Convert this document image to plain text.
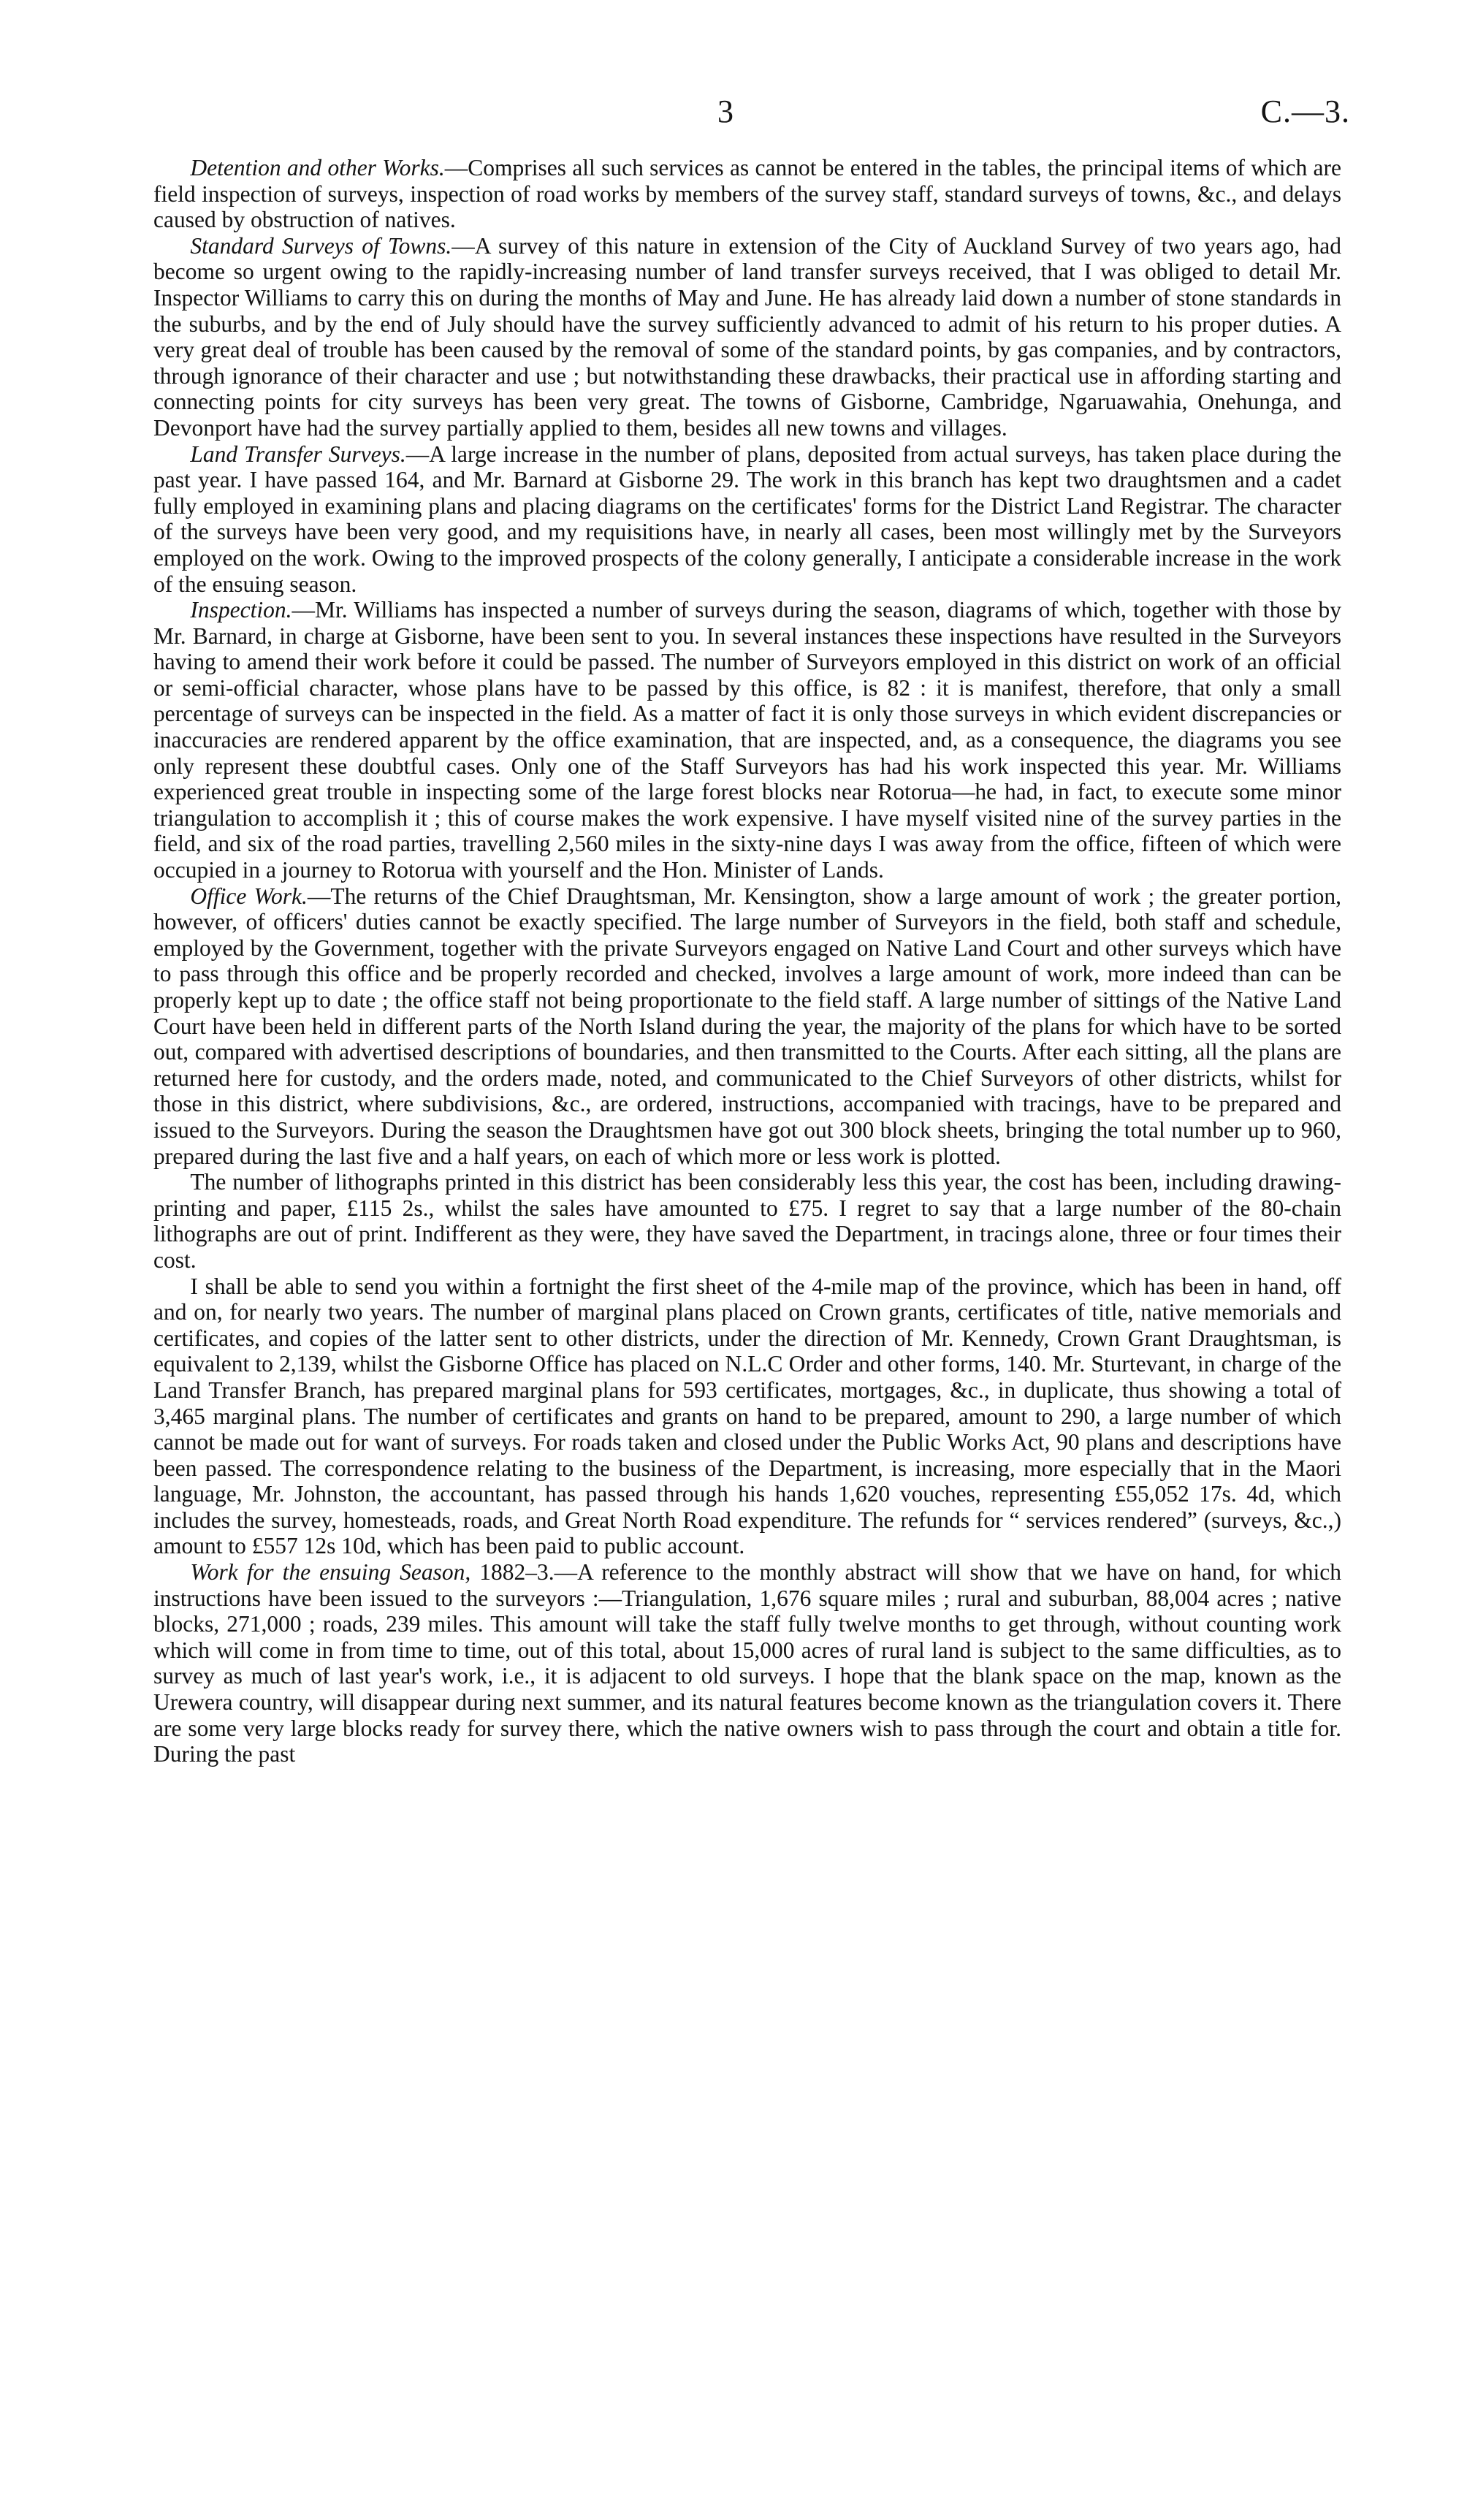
3	C.—3.

Detention and other Works.—Comprises all such services as cannot be entered in the tables, the principal items of which are field inspection of surveys, inspection of road works by members of the survey staff, standard surveys of towns, &c., and delays caused by obstruction of natives.

Standard Surveys of Towns.—A survey of this nature in extension of the City of Auckland Survey of two years ago, had become so urgent owing to the rapidly-increasing number of land transfer surveys received, that I was obliged to detail Mr. Inspector Williams to carry this on during the months of May and June. He has already laid down a number of stone standards in the suburbs, and by the end of July should have the survey sufficiently advanced to admit of his return to his proper duties. A very great deal of trouble has been caused by the removal of some of the standard points, by gas companies, and by contractors, through ignorance of their character and use ; but notwithstanding these drawbacks, their practical use in affording starting and connecting points for city surveys has been very great. The towns of Gisborne, Cambridge, Ngaruawahia, Onehunga, and Devonport have had the survey partially applied to them, besides all new towns and villages.

Land Transfer Surveys.—A large increase in the number of plans, deposited from actual surveys, has taken place during the past year. I have passed 164, and Mr. Barnard at Gisborne 29. The work in this branch has kept two draughtsmen and a cadet fully employed in examining plans and placing diagrams on the certificates' forms for the District Land Registrar. The character of the surveys have been very good, and my requisitions have, in nearly all cases, been most willingly met by the Surveyors employed on the work. Owing to the improved prospects of the colony generally, I anticipate a considerable increase in the work of the ensuing season.

Inspection.—Mr. Williams has inspected a number of surveys during the season, diagrams of which, together with those by Mr. Barnard, in charge at Gisborne, have been sent to you. In several instances these inspections have resulted in the Surveyors having to amend their work before it could be passed. The number of Surveyors employed in this district on work of an official or semi-official character, whose plans have to be passed by this office, is 82 : it is manifest, therefore, that only a small percentage of surveys can be inspected in the field. As a matter of fact it is only those surveys in which evident discrepancies or inaccuracies are rendered apparent by the office examination, that are inspected, and, as a consequence, the diagrams you see only represent these doubtful cases. Only one of the Staff Surveyors has had his work inspected this year. Mr. Williams experienced great trouble in inspecting some of the large forest blocks near Rotorua—he had, in fact, to execute some minor triangulation to accomplish it ; this of course makes the work expensive. I have myself visited nine of the survey parties in the field, and six of the road parties, travelling 2,560 miles in the sixty-nine days I was away from the office, fifteen of which were occupied in a journey to Rotorua with yourself and the Hon. Minister of Lands.

Office Work.—The returns of the Chief Draughtsman, Mr. Kensington, show a large amount of work ; the greater portion, however, of officers' duties cannot be exactly specified. The large number of Surveyors in the field, both staff and schedule, employed by the Government, together with the private Surveyors engaged on Native Land Court and other surveys which have to pass through this office and be properly recorded and checked, involves a large amount of work, more indeed than can be properly kept up to date ; the office staff not being proportionate to the field staff. A large number of sittings of the Native Land Court have been held in different parts of the North Island during the year, the majority of the plans for which have to be sorted out, compared with advertised descriptions of boundaries, and then transmitted to the Courts. After each sitting, all the plans are returned here for custody, and the orders made, noted, and communicated to the Chief Surveyors of other districts, whilst for those in this district, where subdivisions, &c., are ordered, instructions, accompanied with tracings, have to be prepared and issued to the Surveyors. During the season the Draughtsmen have got out 300 block sheets, bringing the total number up to 960, prepared during the last five and a half years, on each of which more or less work is plotted.

The number of lithographs printed in this district has been considerably less this year, the cost has been, including drawing-printing and paper, £115 2s., whilst the sales have amounted to £75. I regret to say that a large number of the 80-chain lithographs are out of print. Indifferent as they were, they have saved the Department, in tracings alone, three or four times their cost.

I shall be able to send you within a fortnight the first sheet of the 4-mile map of the province, which has been in hand, off and on, for nearly two years. The number of marginal plans placed on Crown grants, certificates of title, native memorials and certificates, and copies of the latter sent to other districts, under the direction of Mr. Kennedy, Crown Grant Draughtsman, is equivalent to 2,139, whilst the Gisborne Office has placed on N.L.C Order and other forms, 140. Mr. Sturtevant, in charge of the Land Transfer Branch, has prepared marginal plans for 593 certificates, mortgages, &c., in duplicate, thus showing a total of 3,465 marginal plans. The number of certificates and grants on hand to be prepared, amount to 290, a large number of which cannot be made out for want of surveys. For roads taken and closed under the Public Works Act, 90 plans and descriptions have been passed. The correspondence relating to the business of the Department, is increasing, more especially that in the Maori language, Mr. Johnston, the accountant, has passed through his hands 1,620 vouches, representing £55,052 17s. 4d, which includes the survey, homesteads, roads, and Great North Road expenditure. The refunds for “ services rendered” (surveys, &c.,) amount to £557 12s 10d, which has been paid to public account.

Work for the ensuing Season, 1882–3.—A reference to the monthly abstract will show that we have on hand, for which instructions have been issued to the surveyors :—Triangulation, 1,676 square miles ; rural and suburban, 88,004 acres ; native blocks, 271,000 ; roads, 239 miles. This amount will take the staff fully twelve months to get through, without counting work which will come in from time to time, out of this total, about 15,000 acres of rural land is subject to the same difficulties, as to survey as much of last year's work, i.e., it is adjacent to old surveys. I hope that the blank space on the map, known as the Urewera country, will disappear during next summer, and its natural features become known as the triangulation covers it. There are some very large blocks ready for survey there, which the native owners wish to pass through the court and obtain a title for. During the past
